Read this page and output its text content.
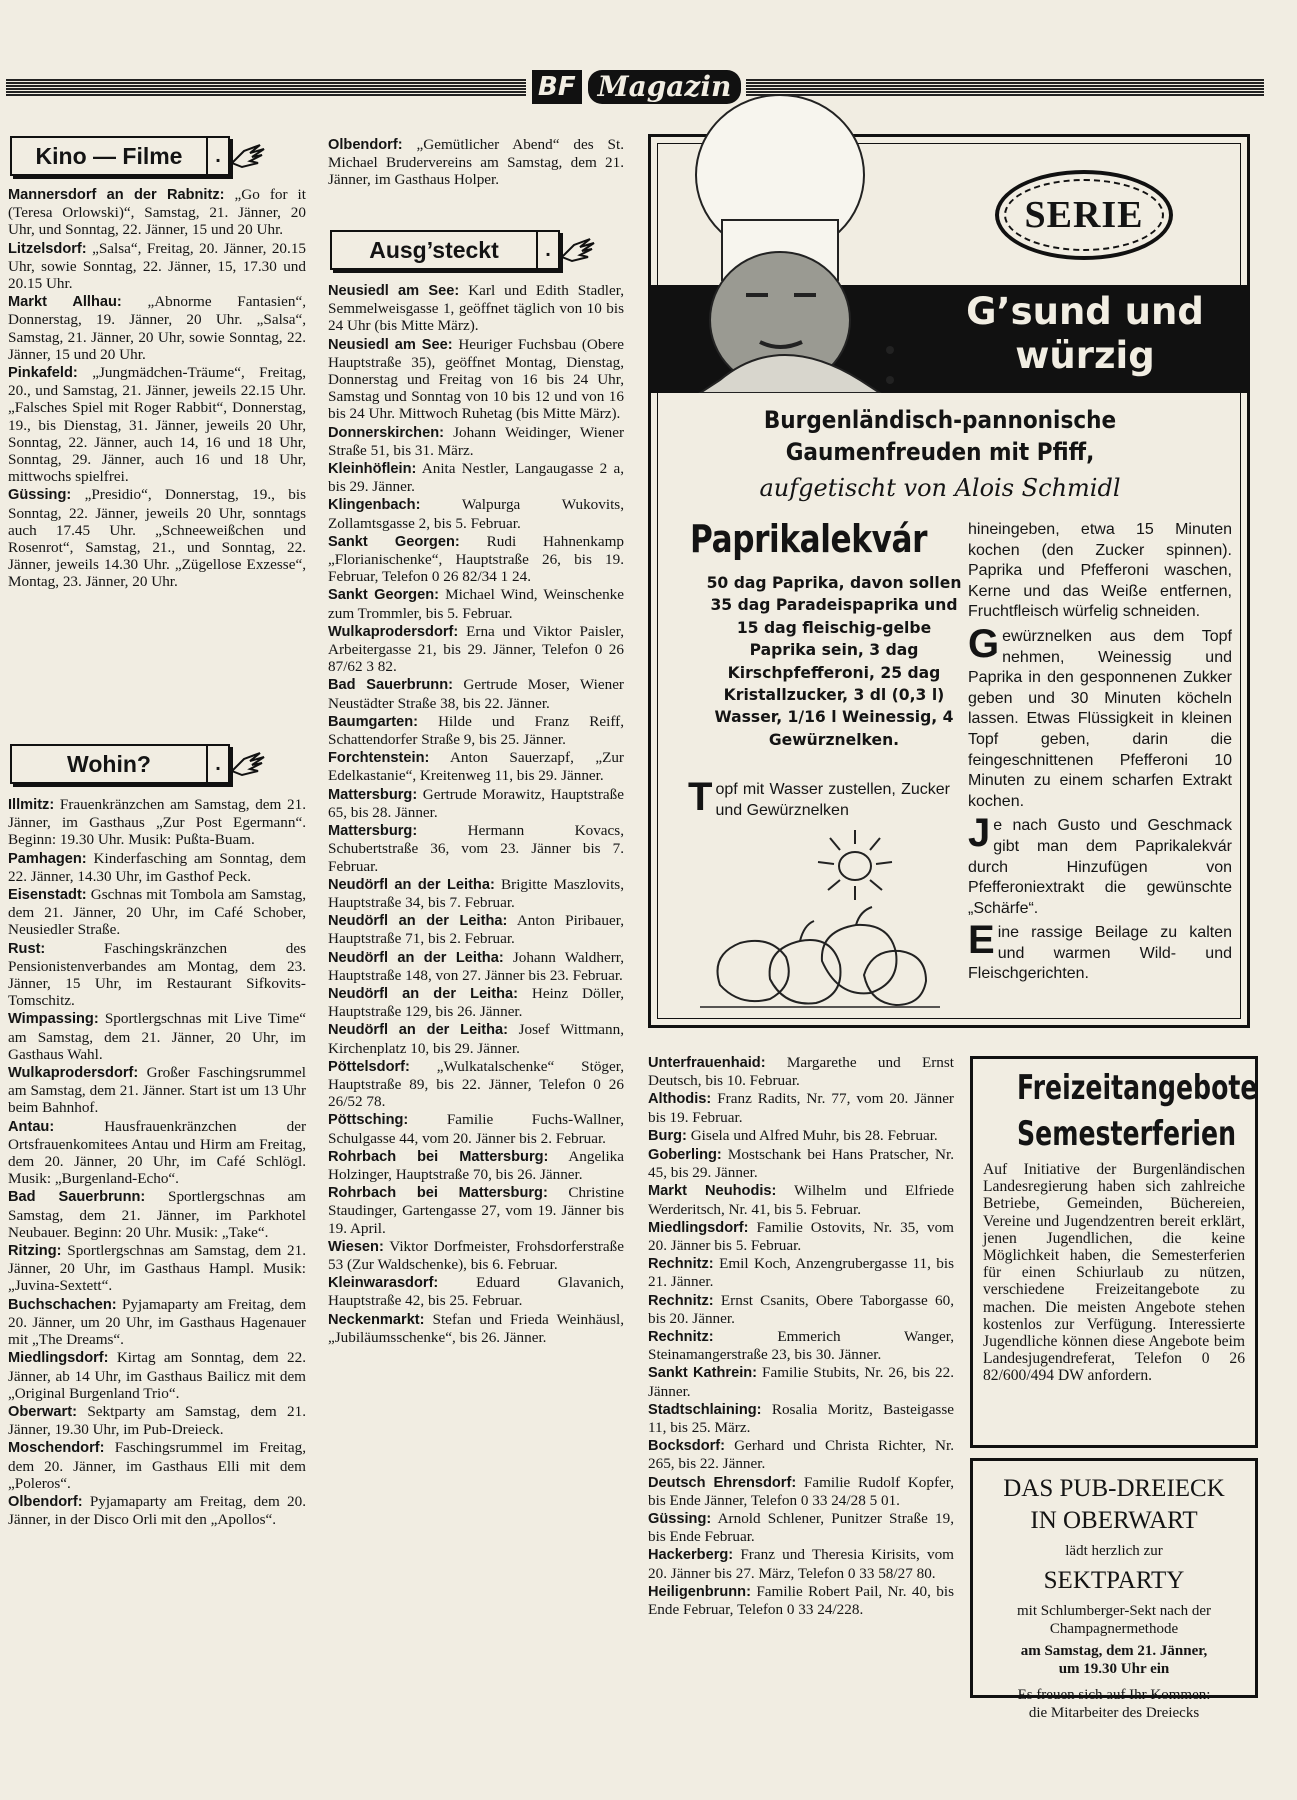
BF Magazin
Kino — Filme	.

Mannersdorf an der Rabnitz: „Go for it (Teresa Orlowski)“, Samstag, 21. Jänner, 20 Uhr, und Sonntag, 22. Jänner, 15 und 20 Uhr.

Litzelsdorf: „Salsa“, Freitag, 20. Jänner, 20.15 Uhr, sowie Sonntag, 22. Jänner, 15, 17.30 und 20.15 Uhr.

Markt Allhau: „Abnorme Fantasien“, Donnerstag, 19. Jänner, 20 Uhr. „Salsa“, Samstag, 21. Jänner, 20 Uhr, sowie Sonntag, 22. Jänner, 15 und 20 Uhr.

Pinkafeld: „Jungmädchen-Träume“, Freitag, 20., und Samstag, 21. Jänner, jeweils 22.15 Uhr. „Falsches Spiel mit Roger Rabbit“, Donnerstag, 19., bis Dienstag, 31. Jänner, jeweils 20 Uhr, Sonntag, 22. Jänner, auch 14, 16 und 18 Uhr, Sonntag, 29. Jänner, auch 16 und 18 Uhr, mittwochs spielfrei.

Güssing: „Presidio“, Donnerstag, 19., bis Sonntag, 22. Jänner, jeweils 20 Uhr, sonntags auch 17.45 Uhr. „Schneeweißchen und Rosenrot“, Samstag, 21., und Sonntag, 22. Jänner, jeweils 14.30 Uhr. „Zügellose Exzesse“, Montag, 23. Jänner, 20 Uhr.

Wohin?	.

Illmitz: Frauenkränzchen am Samstag, dem 21. Jänner, im Gasthaus „Zur Post Egermann“. Beginn: 19.30 Uhr. Musik: Pußta-Buam.

Pamhagen: Kinderfasching am Sonntag, dem 22. Jänner, 14.30 Uhr, im Gasthof Peck.

Eisenstadt: Gschnas mit Tombola am Samstag, dem 21. Jänner, 20 Uhr, im Café Schober, Neusiedler Straße.

Rust:	Faschingskränzchen des Pensionistenverbandes am Montag, dem 23. Jänner, 15 Uhr, im Restaurant Sifkovits-Tomschitz.

Wimpassing: Sportlergschnas mit Live Time“ am Samstag, dem 21. Jänner, 20 Uhr, im Gasthaus Wahl.

Wulkaprodersdorf: Großer Faschingsrummel am Samstag, dem 21. Jänner. Start ist um 13 Uhr beim Bahnhof.

Antau:	Hausfrauenkränzchen der Ortsfrauenkomitees Antau und Hirm am Freitag, dem 20. Jänner, 20 Uhr, im Café Schlögl. Musik: „Burgenland-Echo“.

Bad Sauerbrunn: Sportlergschnas am Samstag, dem 21. Jänner, im Parkhotel Neubauer. Beginn: 20 Uhr. Musik: „Take“.

Ritzing: Sportlergschnas am Samstag, dem 21. Jänner, 20 Uhr, im Gasthaus Hampl. Musik: „Juvina-Sextett“.

Buchschachen: Pyjamaparty am Freitag, dem 20. Jänner, um 20 Uhr, im Gasthaus Hagenauer mit „The Dreams“.

Miedlingsdorf: Kirtag am Sonntag, dem 22. Jänner, ab 14 Uhr, im Gasthaus Bailicz mit dem „Original Burgenland Trio“.

Oberwart: Sektparty am Samstag, dem 21. Jänner, 19.30 Uhr, im Pub-Dreieck.

Moschendorf: Faschingsrummel im Freitag, dem 20. Jänner, im Gasthaus Elli mit dem „Poleros“.

Olbendorf: Pyjamaparty am Freitag, dem 20. Jänner, in der Disco Orli mit den „Apollos“.

Olbendorf: „Gemütlicher Abend“ des St. Michael Brudervereins am Samstag, dem 21. Jänner, im Gasthaus Holper.

Ausg’steckt	.

Neusiedl am See: Karl und Edith Stadler, Semmelweisgasse 1, geöffnet täglich von 10 bis 24 Uhr (bis Mitte März).

Neusiedl am See: Heuriger Fuchsbau (Obere Hauptstraße 35), geöffnet Montag, Dienstag, Donnerstag und Freitag von 16 bis 24 Uhr, Samstag und Sonntag von 10 bis 12 und von 16 bis 24 Uhr. Mittwoch Ruhetag (bis Mitte März).

Donnerskirchen: Johann Weidinger, Wiener Straße 51, bis 31. März.

Kleinhöflein: Anita Nestler, Langaugasse 2 a, bis 29. Jänner.

Klingenbach:	Walpurga Wukovits, Zollamtsgasse 2, bis 5. Februar.

Sankt Georgen: Rudi Hahnenkamp „Florianischenke“, Hauptstraße 26, bis 19. Februar, Telefon 0 26 82/34 1 24.

Sankt Georgen: Michael Wind, Weinschenke zum Trommler, bis 5. Februar.

Wulkaprodersdorf: Erna und Viktor Paisler, Arbeitergasse 21, bis 29. Jänner, Telefon 0 26 87/62 3 82.

Bad Sauerbrunn: Gertrude Moser, Wiener Neustädter Straße 38, bis 22. Jänner.

Baumgarten: Hilde und Franz Reiff, Schattendorfer Straße 9, bis 25. Jänner.

Forchtenstein: Anton Sauerzapf, „Zur Edelkastanie“, Kreitenweg 11, bis 29. Jänner.

Mattersburg: Gertrude Morawitz, Hauptstraße 65, bis 28. Jänner.

Mattersburg:	Hermann Kovacs, Schubertstraße 36, vom 23. Jänner bis 7. Februar.

Neudörfl an der Leitha: Brigitte Maszlovits, Hauptstraße 34, bis 7. Februar.

Neudörfl an der Leitha: Anton Piribauer, Hauptstraße 71, bis 2. Februar.

Neudörfl an der Leitha: Johann Waldherr, Hauptstraße 148, von 27. Jänner bis 23. Februar.

Neudörfl an der Leitha: Heinz Döller, Hauptstraße 129, bis 26. Jänner.

Neudörfl an der Leitha: Josef Wittmann, Kirchenplatz 10, bis 29. Jänner.

Pöttelsdorf: „Wulkatalschenke“ Stöger, Hauptstraße 89, bis 22. Jänner, Telefon 0 26 26/52 78.

Pöttsching:	Familie Fuchs-Wallner, Schulgasse 44, vom 20. Jänner bis 2. Februar.

Rohrbach bei Mattersburg: Angelika Holzinger, Hauptstraße 70, bis 26. Jänner.

Rohrbach bei Mattersburg: Christine Staudinger, Gartengasse 27, vom 19. Jänner bis 19. April.

Wiesen: Viktor Dorfmeister, Frohsdorferstraße 53 (Zur Waldschenke), bis 6. Februar.

Kleinwarasdorf: Eduard Glavanich, Hauptstraße 42, bis 25. Februar.

Neckenmarkt: Stefan und Frieda Weinhäusl, „Jubiläumsschenke“, bis 26. Jänner.

SERIE
G’sund und würzig
Burgenländisch-pannonische
Gaumenfreuden mit Pfiff,
aufgetischt von Alois Schmidl
Paprikalekvár
50 dag Paprika, davon sollen 35 dag Paradeispaprika und 15 dag fleischig-gelbe Paprika sein, 3 dag Kirschpfefferoni, 25 dag Kristallzucker, 3 dl (0,3 l) Wasser, 1/16 l Weinessig, 4 Gewürznelken.
Topf mit Wasser zustellen, Zucker und Gewürznelken

hineingeben, etwa 15 Minuten kochen (den Zucker spinnen). Paprika und Pfefferoni waschen, Kerne und das Weiße entfernen, Fruchtfleisch würfelig schneiden.

Gewürznelken aus dem Topf nehmen, Weinessig und Paprika in den gesponnenen Zukker geben und 30 Minuten köcheln lassen. Etwas Flüssigkeit in kleinen Topf geben, darin die feingeschnittenen Pfefferoni 10 Minuten zu einem scharfen Extrakt kochen.

Je nach Gusto und Geschmack gibt man dem Paprikalekvár durch Hinzufügen von Pfefferoniextrakt die gewünschte „Schärfe“.

Eine rassige Beilage zu kalten und warmen Wild- und Fleischgerichten.

Unterfrauenhaid: Margarethe und Ernst Deutsch, bis 10. Februar.

Althodis: Franz Radits, Nr. 77, vom 20. Jänner bis 19. Februar.

Burg: Gisela und Alfred Muhr, bis 28. Februar.

Goberling: Mostschank bei Hans Pratscher, Nr. 45, bis 29. Jänner.

Markt Neuhodis: Wilhelm und Elfriede Werderitsch, Nr. 41, bis 5. Februar.

Miedlingsdorf: Familie Ostovits, Nr. 35, vom 20. Jänner bis 5. Februar.

Rechnitz: Emil Koch, Anzengrubergasse 11, bis 21. Jänner.

Rechnitz: Ernst Csanits, Obere Taborgasse 60, bis 20. Jänner.

Rechnitz:	Emmerich Wanger, Steinamangerstraße 23, bis 30. Jänner.

Sankt Kathrein: Familie Stubits, Nr. 26, bis 22. Jänner.

Stadtschlaining: Rosalia Moritz, Basteigasse 11, bis 25. März.

Bocksdorf: Gerhard und Christa Richter, Nr. 265, bis 22. Jänner.

Deutsch Ehrensdorf: Familie Rudolf Kopfer, bis Ende Jänner, Telefon 0 33 24/28 5 01.

Güssing: Arnold Schlener, Punitzer Straße 19, bis Ende Februar.

Hackerberg: Franz und Theresia Kirisits, vom 20. Jänner bis 27. März, Telefon 0 33 58/27 80.

Heiligenbrunn: Familie Robert Pail, Nr. 40, bis Ende Februar, Telefon 0 33 24/228.

Freizeitangebote
Semesterferien
Auf Initiative der Burgenländischen Landesregierung haben sich zahlreiche Betriebe, Gemeinden, Büchereien, Vereine und Jugendzentren bereit erklärt, jenen Jugendlichen, die keine Möglichkeit haben, die Semesterferien für einen Schiurlaub zu nützen, verschiedene Freizeitangebote zu machen. Die meisten Angebote stehen kostenlos zur Verfügung. Interessierte Jugendliche können diese Angebote beim Landesjugendreferat, Telefon 0 26 82/600/494 DW anfordern.
DAS PUB-DREIECK
IN OBERWART
lädt herzlich zur
SEKTPARTY
mit Schlumberger-Sekt nach der
Champagnermethode
am Samstag, dem 21. Jänner,
um 19.30 Uhr ein
Es freuen sich auf Ihr Kommen:
die Mitarbeiter des Dreiecks
